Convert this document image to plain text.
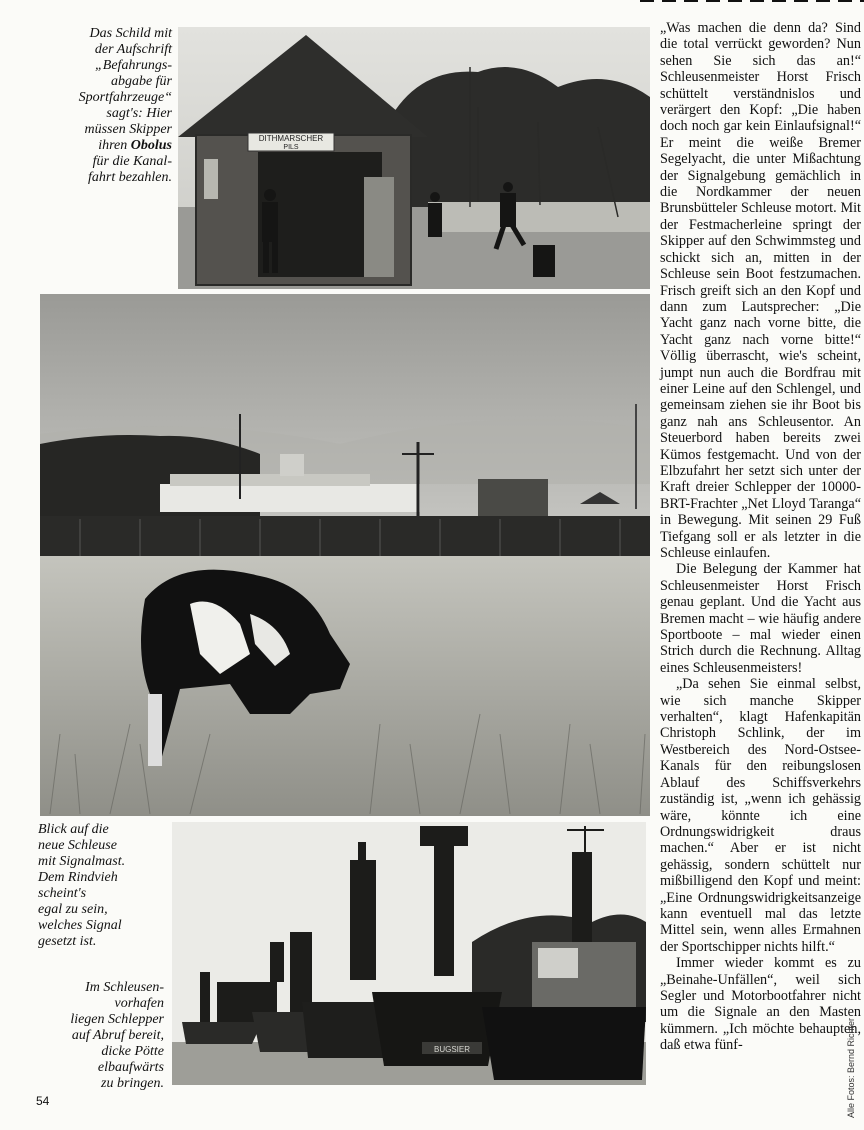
Das Schild mit

der Aufschrift

„Befahrungs-

abgabe für

Sportfahrzeuge“

sagt's: Hier

müssen Skipper

ihren Obolus

für die Kanal-

fahrt bezahlen.

DITHMARSCHER
PILS

Blick auf die

neue Schleuse

mit Signalmast.

Dem Rindvieh

scheint's

egal zu sein,

welches Signal

gesetzt ist.

Im Schleusen-

vorhafen

liegen Schlepper

auf Abruf bereit,

dicke Pötte

elbaufwärts

zu bringen.

BUGSIER

„Was machen die denn da? Sind die total verrückt geworden? Nun sehen Sie sich das an!“ Schleusenmeister Horst Frisch schüttelt verständnislos und verärgert den Kopf: „Die haben doch noch gar kein Einlaufsignal!“ Er meint die weiße Bremer Segelyacht, die unter Mißachtung der Signalgebung gemächlich in die Nordkammer der neuen Brunsbütteler Schleuse motort. Mit der Festmacherleine springt der Skipper auf den Schwimmsteg und schickt sich an, mitten in der Schleuse sein Boot festzumachen. Frisch greift sich an den Kopf und dann zum Lautsprecher: „Die Yacht ganz nach vorne bitte, die Yacht ganz nach vorne bitte!“ Völlig überrascht, wie's scheint, jumpt nun auch die Bordfrau mit einer Leine auf den Schlengel, und gemeinsam ziehen sie ihr Boot bis ganz nah ans Schleusentor. An Steuerbord haben bereits zwei Kümos festgemacht. Und von der Elbzufahrt her setzt sich unter der Kraft dreier Schlepper der 10000-BRT-Frachter „Net Lloyd Taranga“ in Bewegung. Mit seinen 29 Fuß Tiefgang soll er als letzter in die Schleuse einlaufen.

Die Belegung der Kammer hat Schleusenmeister Horst Frisch genau geplant. Und die Yacht aus Bremen macht – wie häufig andere Sportboote – mal wieder einen Strich durch die Rechnung. Alltag eines Schleusenmeisters!

„Da sehen Sie einmal selbst, wie sich manche Skipper verhalten“, klagt Hafenkapitän Christoph Schlink, der im Westbereich des Nord-Ostsee-Kanals für den reibungslosen Ablauf des Schiffsverkehrs zuständig ist, „wenn ich gehässig wäre, könnte ich eine Ordnungswidrigkeit draus machen.“ Aber er ist nicht gehässig, sondern schüttelt nur mißbilligend den Kopf und meint: „Eine Ordnungswidrigkeitsanzeige kann eventuell mal das letzte Mittel sein, wenn alles Ermahnen der Sportschipper nichts hilft.“

Immer wieder kommt es zu „Beinahe-Unfällen“, weil sich Segler und Motorbootfahrer nicht um die Signale an den Masten kümmern. „Ich möchte behaupten, daß etwa fünf-

54	Alle Fotos: Bernd Richter
